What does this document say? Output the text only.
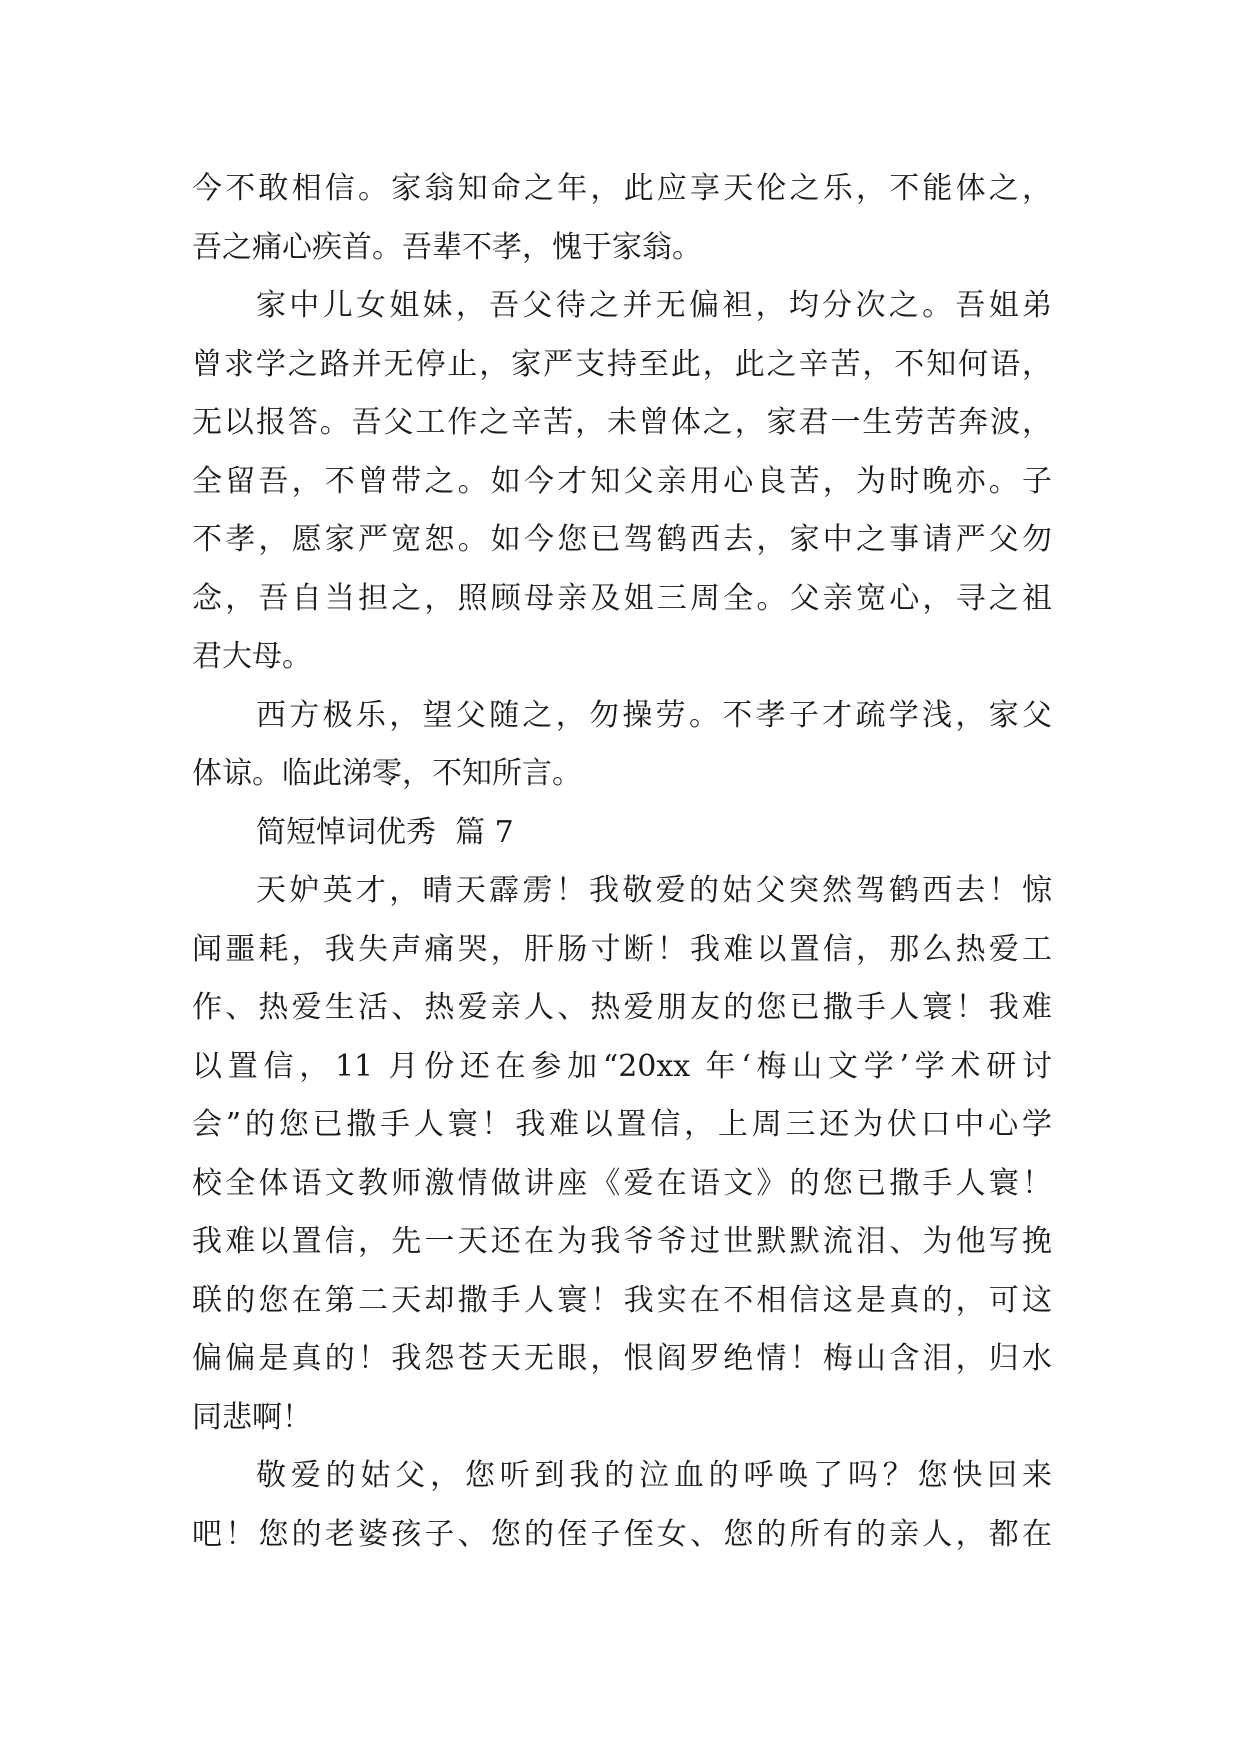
今不敢相信。家翁知命之年，此应享天伦之乐，不能体之，
吾之痛心疾首。吾辈不孝，愧于家翁。
家中儿女姐妹，吾父待之并无偏袒，均分次之。吾姐弟
曾求学之路并无停止，家严支持至此，此之辛苦，不知何语，
无以报答。吾父工作之辛苦，未曾体之，家君一生劳苦奔波，
全留吾，不曾带之。如今才知父亲用心良苦，为时晚亦。子
不孝，愿家严宽恕。如今您已驾鹤西去，家中之事请严父勿
念，吾自当担之，照顾母亲及姐三周全。父亲宽心，寻之祖
君大母。
西方极乐，望父随之，勿操劳。不孝子才疏学浅，家父
体谅。临此涕零，不知所言。
简短悼词优秀  篇 7
天妒英才，晴天霹雳！我敬爱的姑父突然驾鹤西去！惊
闻噩耗，我失声痛哭，肝肠寸断！我难以置信，那么热爱工
作、热爱生活、热爱亲人、热爱朋友的您已撒手人寰！我难
以置信，11 月份还在参加“20xx 年‘梅山文学’学术研讨
会”的您已撒手人寰！我难以置信，上周三还为伏口中心学
校全体语文教师激情做讲座《爱在语文》的您已撒手人寰！
我难以置信，先一天还在为我爷爷过世默默流泪、为他写挽
联的您在第二天却撒手人寰！我实在不相信这是真的，可这
偏偏是真的！我怨苍天无眼，恨阎罗绝情！梅山含泪，归水
同悲啊！
敬爱的姑父，您听到我的泣血的呼唤了吗？您快回来
吧！您的老婆孩子、您的侄子侄女、您的所有的亲人，都在
